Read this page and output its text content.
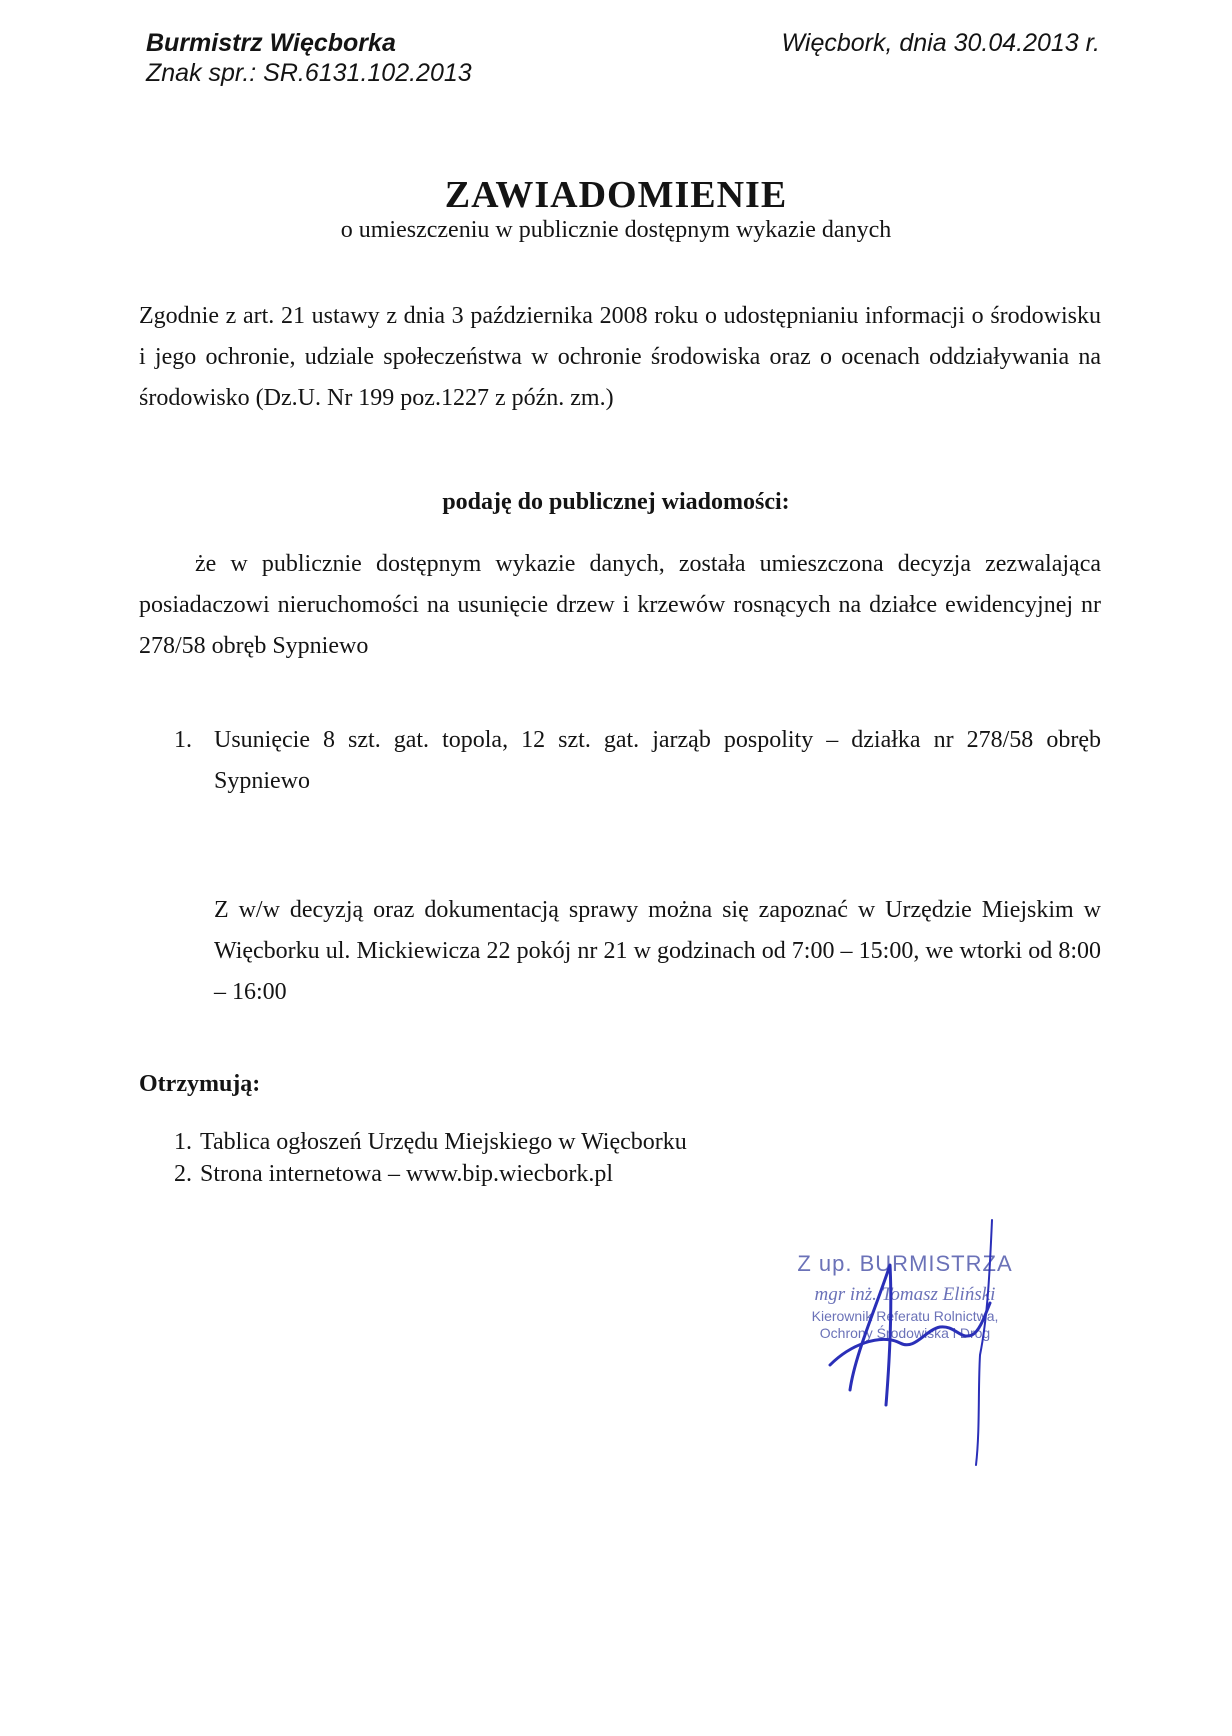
Burmistrz Więcborka
Znak spr.: SR.6131.102.2013
Więcbork, dnia 30.04.2013 r.
ZAWIADOMIENIE
o umieszczeniu w publicznie dostępnym wykazie danych
Zgodnie z art. 21 ustawy z dnia 3 października 2008 roku o udostępnianiu informacji o środowisku i jego ochronie, udziale społeczeństwa w ochronie środowiska oraz o ocenach oddziaływania na środowisko (Dz.U. Nr 199 poz.1227 z późn. zm.)
podaję do publicznej wiadomości:
że w publicznie dostępnym wykazie danych, została umieszczona decyzja zezwalająca posiadaczowi nieruchomości na usunięcie drzew i krzewów rosnących na działce ewidencyjnej nr 278/58 obręb Sypniewo
1. Usunięcie 8 szt. gat. topola, 12 szt. gat. jarząb pospolity – działka nr 278/58 obręb Sypniewo
Z w/w decyzją oraz dokumentacją sprawy można się zapoznać w Urzędzie Miejskim w Więcborku ul. Mickiewicza 22 pokój nr 21 w godzinach od 7:00 – 15:00, we wtorki od 8:00 – 16:00
Otrzymują:
1. Tablica ogłoszeń Urzędu Miejskiego w Więcborku
2. Strona internetowa – www.bip.wiecbork.pl
Z up. BURMISTRZA
mgr inż. Tomasz Eliński
Kierownik Referatu Rolnictwa,
Ochrony Środowiska i Dróg
